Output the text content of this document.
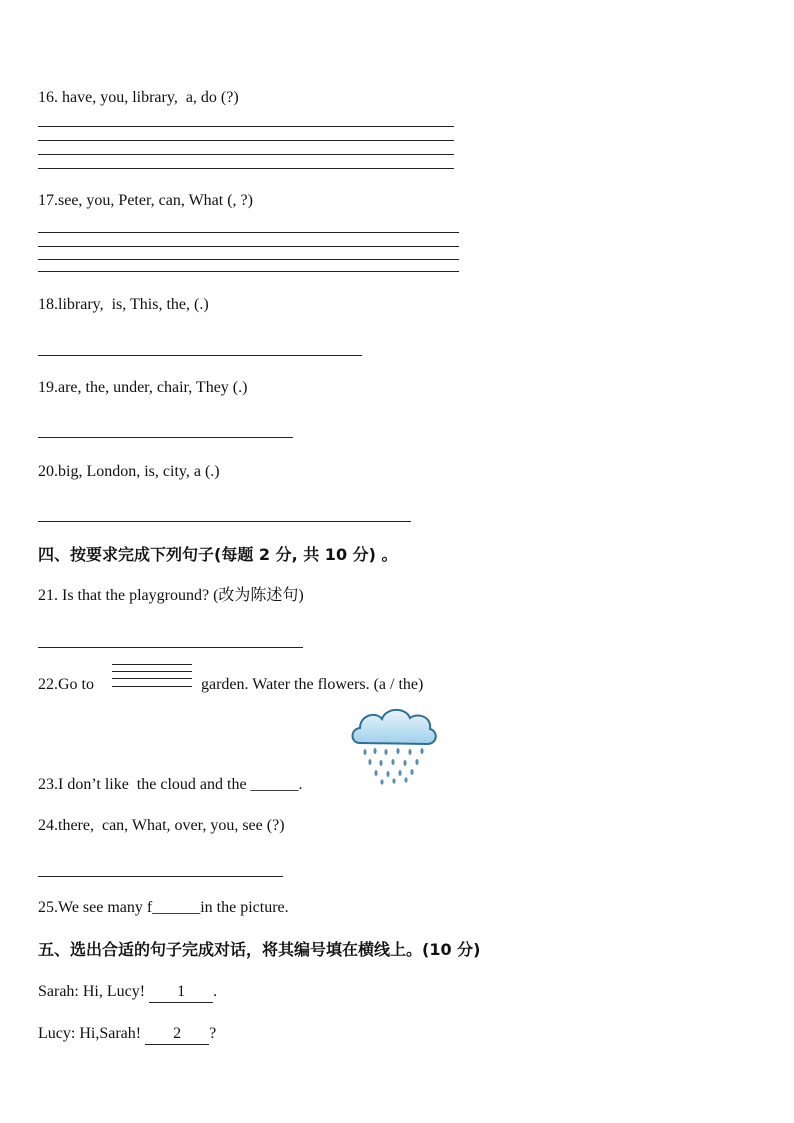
16. have, you, library,  a, do (?)
17.see, you, Peter, can, What (, ?)
18.library,  is, This, the, (.)
19.are, the, under, chair, They (.)
20.big, London, is, city, a (.)
四、按要求完成下列句子(每题 2 分, 共 10 分) 。
21. Is that the playground? (改为陈述句)
22.Go to	garden. Water the flowers. (a / the)
23.I don’t like  the cloud and the ______.
24.there,  can, What, over, you, see (?)
25.We see many f______in the picture.
五、选出合适的句子完成对话，将其编号填在横线上。(10 分)
Sarah: Hi, Lucy! 1 .
Lucy: Hi,Sarah! 2 ?
